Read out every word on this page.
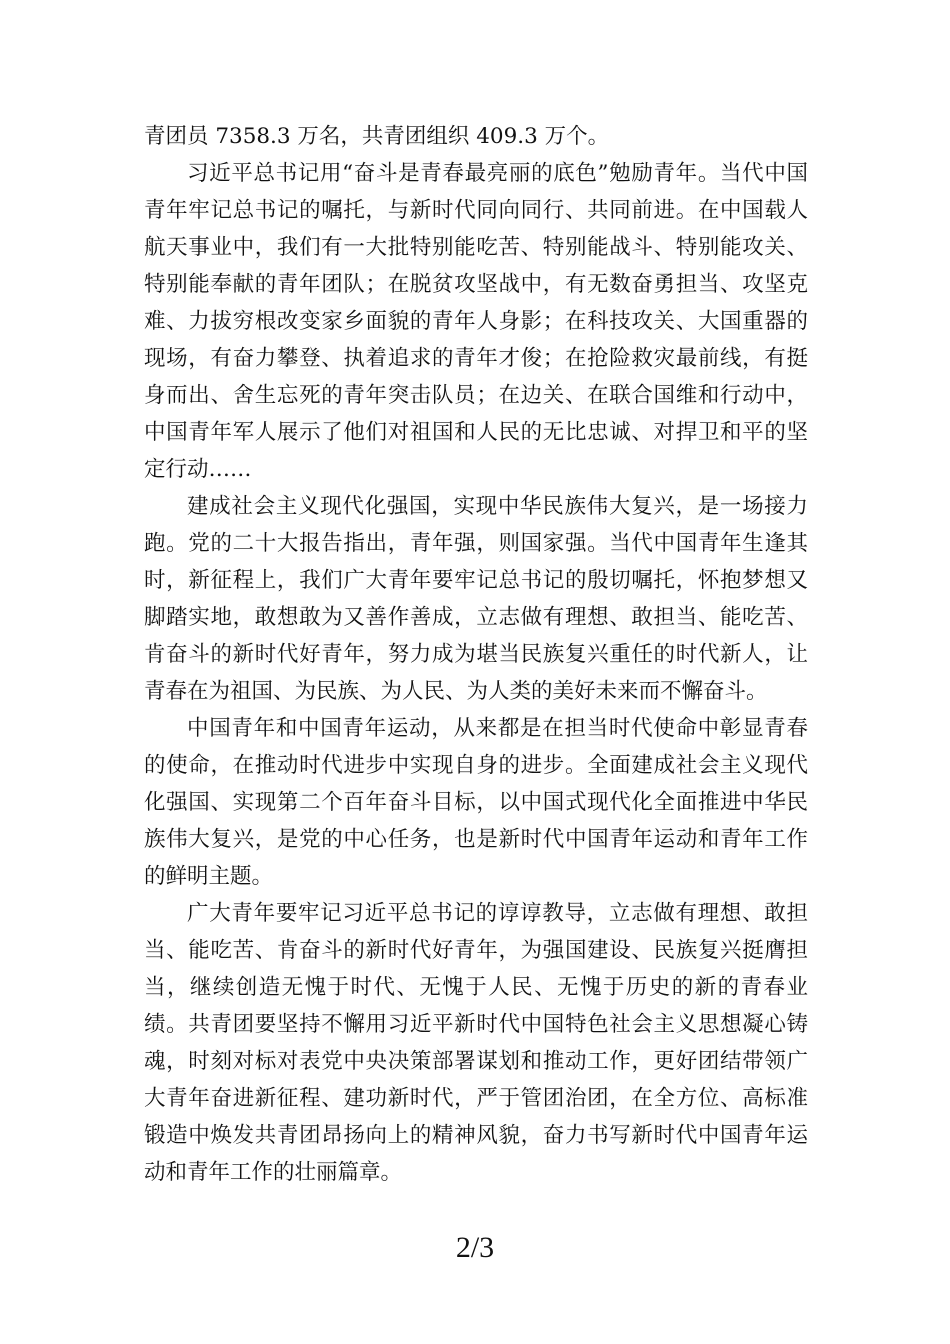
青团员 7358.3 万名，共青团组织 409.3 万个。

习近平总书记用“奋斗是青春最亮丽的底色”勉励青年。当代中国青年牢记总书记的嘱托，与新时代同向同行、共同前进。在中国载人航天事业中，我们有一大批特别能吃苦、特别能战斗、特别能攻关、特别能奉献的青年团队；在脱贫攻坚战中，有无数奋勇担当、攻坚克难、力拔穷根改变家乡面貌的青年人身影；在科技攻关、大国重器的现场，有奋力攀登、执着追求的青年才俊；在抢险救灾最前线，有挺身而出、舍生忘死的青年突击队员；在边关、在联合国维和行动中，中国青年军人展示了他们对祖国和人民的无比忠诚、对捍卫和平的坚定行动……

建成社会主义现代化强国，实现中华民族伟大复兴，是一场接力跑。党的二十大报告指出，青年强，则国家强。当代中国青年生逢其时，新征程上，我们广大青年要牢记总书记的殷切嘱托，怀抱梦想又脚踏实地，敢想敢为又善作善成，立志做有理想、敢担当、能吃苦、肯奋斗的新时代好青年，努力成为堪当民族复兴重任的时代新人，让青春在为祖国、为民族、为人民、为人类的美好未来而不懈奋斗。

中国青年和中国青年运动，从来都是在担当时代使命中彰显青春的使命，在推动时代进步中实现自身的进步。全面建成社会主义现代化强国、实现第二个百年奋斗目标，以中国式现代化全面推进中华民族伟大复兴，是党的中心任务，也是新时代中国青年运动和青年工作的鲜明主题。

广大青年要牢记习近平总书记的谆谆教导，立志做有理想、敢担当、能吃苦、肯奋斗的新时代好青年，为强国建设、民族复兴挺膺担当，继续创造无愧于时代、无愧于人民、无愧于历史的新的青春业绩。共青团要坚持不懈用习近平新时代中国特色社会主义思想凝心铸魂，时刻对标对表党中央决策部署谋划和推动工作，更好团结带领广大青年奋进新征程、建功新时代，严于管团治团，在全方位、高标准锻造中焕发共青团昂扬向上的精神风貌，奋力书写新时代中国青年运动和青年工作的壮丽篇章。

2/3
